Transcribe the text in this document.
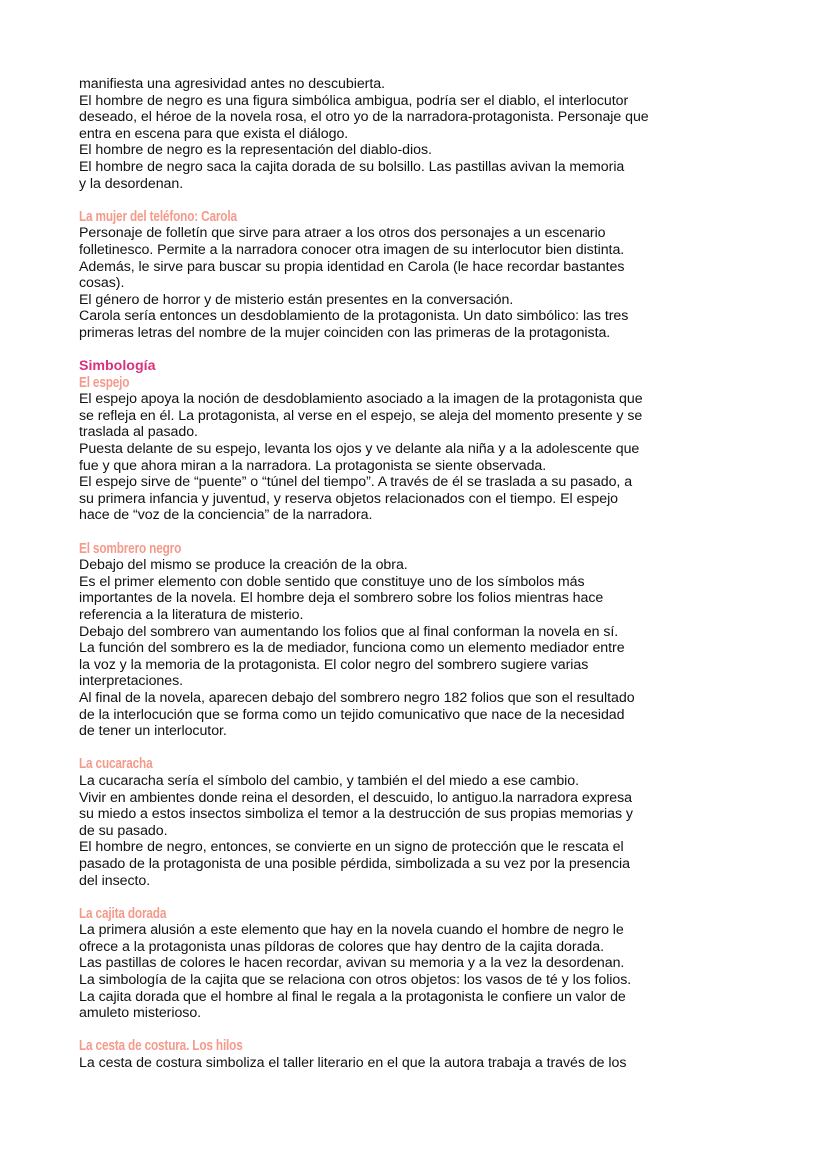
manifiesta una agresividad antes no descubierta.
El hombre de negro es una figura simbólica ambigua, podría ser el diablo, el interlocutor
deseado, el héroe de la novela rosa, el otro yo de la narradora-protagonista. Personaje que
entra en escena para que exista el diálogo.
El hombre de negro es la representación del diablo-dios.
El hombre de negro saca la cajita dorada de su bolsillo. Las pastillas avivan la memoria
y la desordenan.
La mujer del teléfono: Carola
Personaje de folletín que sirve para atraer a los otros dos personajes a un escenario
folletinesco. Permite a la narradora conocer otra imagen de su interlocutor bien distinta.
Además, le sirve para buscar su propia identidad en Carola (le hace recordar bastantes
cosas).
El género de horror y de misterio están presentes en la conversación.
Carola sería entonces un desdoblamiento de la protagonista. Un dato simbólico: las tres
primeras letras del nombre de la mujer coinciden con las primeras de la protagonista.
Simbología
El espejo
El espejo apoya la noción de desdoblamiento asociado a la imagen de la protagonista que
se refleja en él. La protagonista, al verse en el espejo, se aleja del momento presente y se
traslada al pasado.
Puesta delante de su espejo, levanta los ojos y ve delante ala niña y a la adolescente que
fue y que ahora miran a la narradora. La protagonista se siente observada.
El espejo sirve de “puente” o “túnel del tiempo”. A través de él se traslada a su pasado, a
su primera infancia y juventud, y reserva objetos relacionados con el tiempo. El espejo
hace de “voz de la conciencia” de la narradora.
El sombrero negro
Debajo del mismo se produce la creación de la obra.
Es el primer elemento con doble sentido que constituye uno de los símbolos más
importantes de la novela. El hombre deja el sombrero sobre los folios mientras hace
referencia a la literatura de misterio.
Debajo del sombrero van aumentando los folios que al final conforman la novela en sí.
La función del sombrero es la de mediador, funciona como un elemento mediador entre
la voz y la memoria de la protagonista. El color negro del sombrero sugiere varias
interpretaciones.
Al final de la novela, aparecen debajo del sombrero negro 182 folios que son el resultado
de la interlocución que se forma como un tejido comunicativo que nace de la necesidad
de tener un interlocutor.
La cucaracha
La cucaracha sería el símbolo del cambio, y también el del miedo a ese cambio.
Vivir en ambientes donde reina el desorden, el descuido, lo antiguo.la narradora expresa
su miedo a estos insectos simboliza el temor a la destrucción de sus propias memorias y
de su pasado.
El hombre de negro, entonces, se convierte en un signo de protección que le rescata el
pasado de la protagonista de una posible pérdida, simbolizada a su vez por la presencia
del insecto.
La cajita dorada
La primera alusión a este elemento que hay en la novela cuando el hombre de negro le
ofrece a la protagonista unas píldoras de colores que hay dentro de la cajita dorada.
Las pastillas de colores le hacen recordar, avivan su memoria y a la vez la desordenan.
La simbología de la cajita que se relaciona con otros objetos: los vasos de té y los folios.
La cajita dorada que el hombre al final le regala a la protagonista le confiere un valor de
amuleto misterioso.
La cesta de costura. Los hilos
La cesta de costura simboliza el taller literario en el que la autora trabaja a través de los
